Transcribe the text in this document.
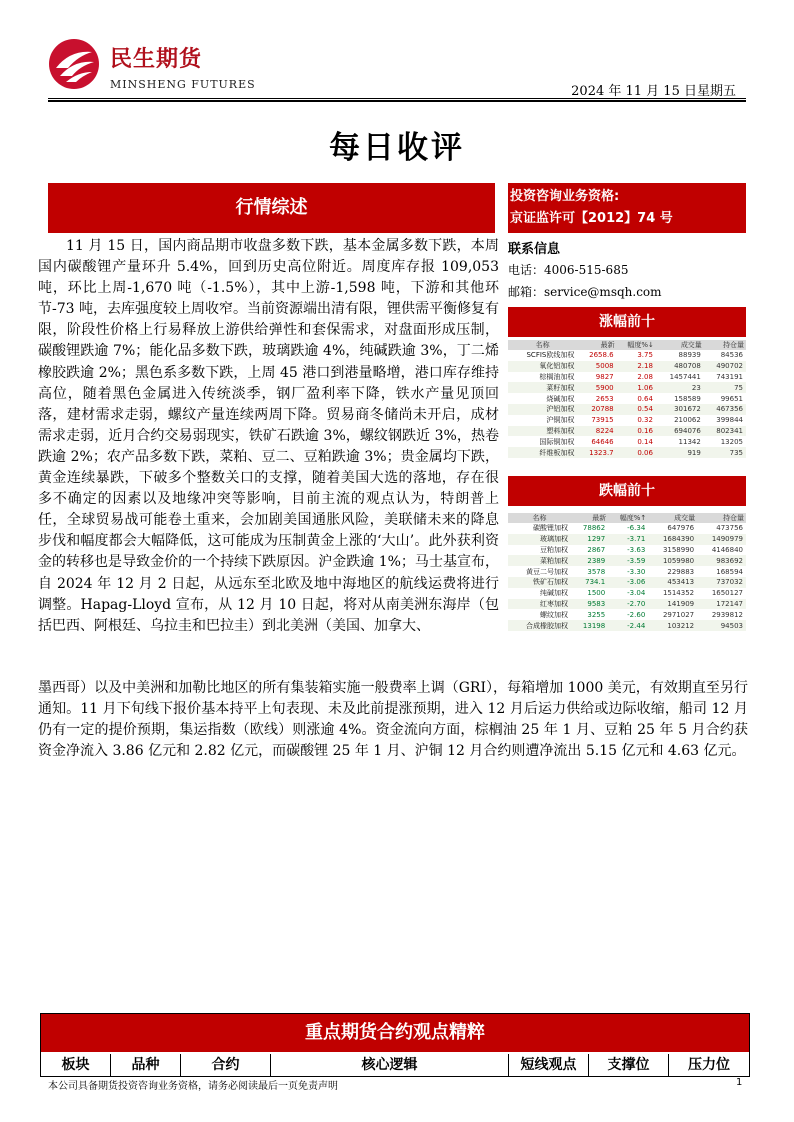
民生期货
MINSHENG FUTURES	2024 年 11 月 15 日星期五
每日收评
行情综述

11 月 15 日，国内商品期市收盘多数下跌，基本金属多数下跌，本周国内碳酸锂产量环升 5.4%，回到历史高位附近。周度库存报 109,053 吨，环比上周-1,670 吨（-1.5%），其中上游-1,598 吨，下游和其他环节-73 吨，去库强度较上周收窄。当前资源端出清有限，锂供需平衡修复有限，阶段性价格上行易释放上游供给弹性和套保需求，对盘面形成压制，碳酸锂跌逾 7%；能化品多数下跌，玻璃跌逾 4%，纯碱跌逾 3%，丁二烯橡胶跌逾 2%；黑色系多数下跌，上周 45 港口到港量略增，港口库存维持高位，随着黑色金属进入传统淡季，钢厂盈利率下降，铁水产量见顶回落，建材需求走弱，螺纹产量连续两周下降。贸易商冬储尚未开启，成材需求走弱，近月合约交易弱现实，铁矿石跌逾 3%，螺纹钢跌近 3%，热卷跌逾 2%；农产品多数下跌，菜粕、豆二、豆粕跌逾 3%；贵金属均下跌，黄金连续暴跌，下破多个整数关口的支撑，随着美国大选的落地，存在很多不确定的因素以及地缘冲突等影响，目前主流的观点认为，特朗普上任，全球贸易战可能卷土重来，会加剧美国通胀风险，美联储未来的降息步伐和幅度都会大幅降低，这可能成为压制黄金上涨的‘大山’。此外获利资金的转移也是导致金价的一个持续下跌原因。沪金跌逾 1%；马士基宣布，自 2024 年 12 月 2 日起，从远东至北欧及地中海地区的航线运费将进行调整。Hapag-Lloyd 宣布，从 12 月 10 日起，将对从南美洲东海岸（包括巴西、阿根廷、乌拉圭和巴拉圭）到北美洲（美国、加拿大、

墨西哥）以及中美洲和加勒比地区的所有集装箱实施一般费率上调（GRI），每箱增加 1000 美元，有效期直至另行通知。11 月下旬线下报价基本持平上旬表现、未及此前提涨预期，进入 12 月后运力供给或边际收缩，船司 12 月仍有一定的提价预期，集运指数（欧线）则涨逾 4%。资金流向方面，棕榈油 25 年 1 月、豆粕 25 年 5 月合约获资金净流入 3.86 亿元和 2.82 亿元，而碳酸锂 25 年 1 月、沪铜 12 月合约则遭净流出 5.15 亿元和 4.63 亿元。
投资咨询业务资格:
京证监许可【2012】74 号
联系信息
电话：4006-515-685
邮箱：service@msqh.com
涨幅前十
名称	最新	幅度%↓	成交量	持仓量
SCFIS欧线加权	2658.6	3.75	88939	84536
氧化铝加权	5008	2.18	480708	490702
棕榈油加权	9827	2.08	1457441	743191
菜籽加权	5900	1.06	23	75
烧碱加权	2653	0.64	158589	99651
沪铝加权	20788	0.54	301672	467356
沪铜加权	73915	0.32	210062	399844
塑料加权	8224	0.16	694076	802341
国际铜加权	64646	0.14	11342	13205
纤维板加权	1323.7	0.06	919	735
跌幅前十
名称	最新	幅度%↑	成交量	持仓量
碳酸锂加权	78862	-6.34	647976	473756
玻璃加权	1297	-3.71	1684390	1490979
豆粕加权	2867	-3.63	3158990	4146840
菜粕加权	2389	-3.59	1059980	983692
黄豆二号加权	3578	-3.30	229883	168594
铁矿石加权	734.1	-3.06	453413	737032
纯碱加权	1500	-3.04	1514352	1650127
红枣加权	9583	-2.70	141909	172147
螺纹加权	3255	-2.60	2971027	2939812
合成橡胶加权	13198	-2.44	103212	94503
重点期货合约观点精粹
板块	品种	合约	核心逻辑	短线观点	支撑位	压力位
本公司具备期货投资咨询业务资格，请务必阅读最后一页免责声明	1
